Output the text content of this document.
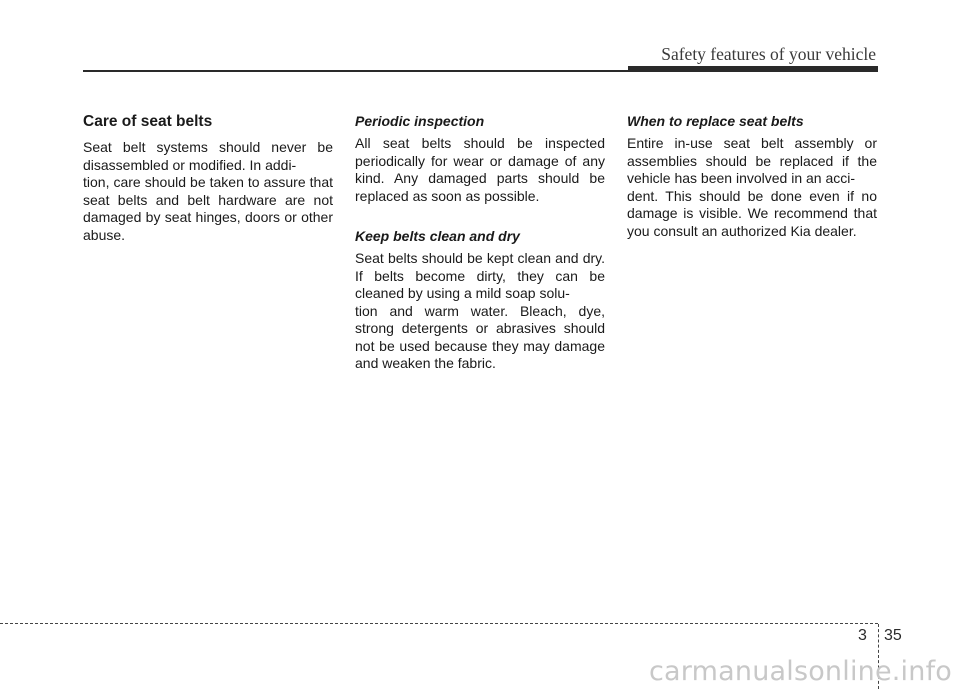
Safety features of your vehicle
Care of seat belts

Seat belt systems should never be disassembled or modified. In addi-
tion, care should be taken to assure that seat belts and belt hardware are not damaged by seat hinges, doors or other abuse.

Periodic inspection

All seat belts should be inspected periodically for wear or damage of any kind. Any damaged parts should be replaced as soon as possible.

Keep belts clean and dry

Seat belts should be kept clean and dry. If belts become dirty, they can be cleaned by using a mild soap solu-
tion and warm water. Bleach, dye, strong detergents or abrasives should not be used because they may damage and weaken the fabric.

When to replace seat belts

Entire in-use seat belt assembly or assemblies should be replaced if the vehicle has been involved in an acci-
dent. This should be done even if no damage is visible. We recommend that you consult an authorized Kia dealer.

3 35
carmanualsonline.info
